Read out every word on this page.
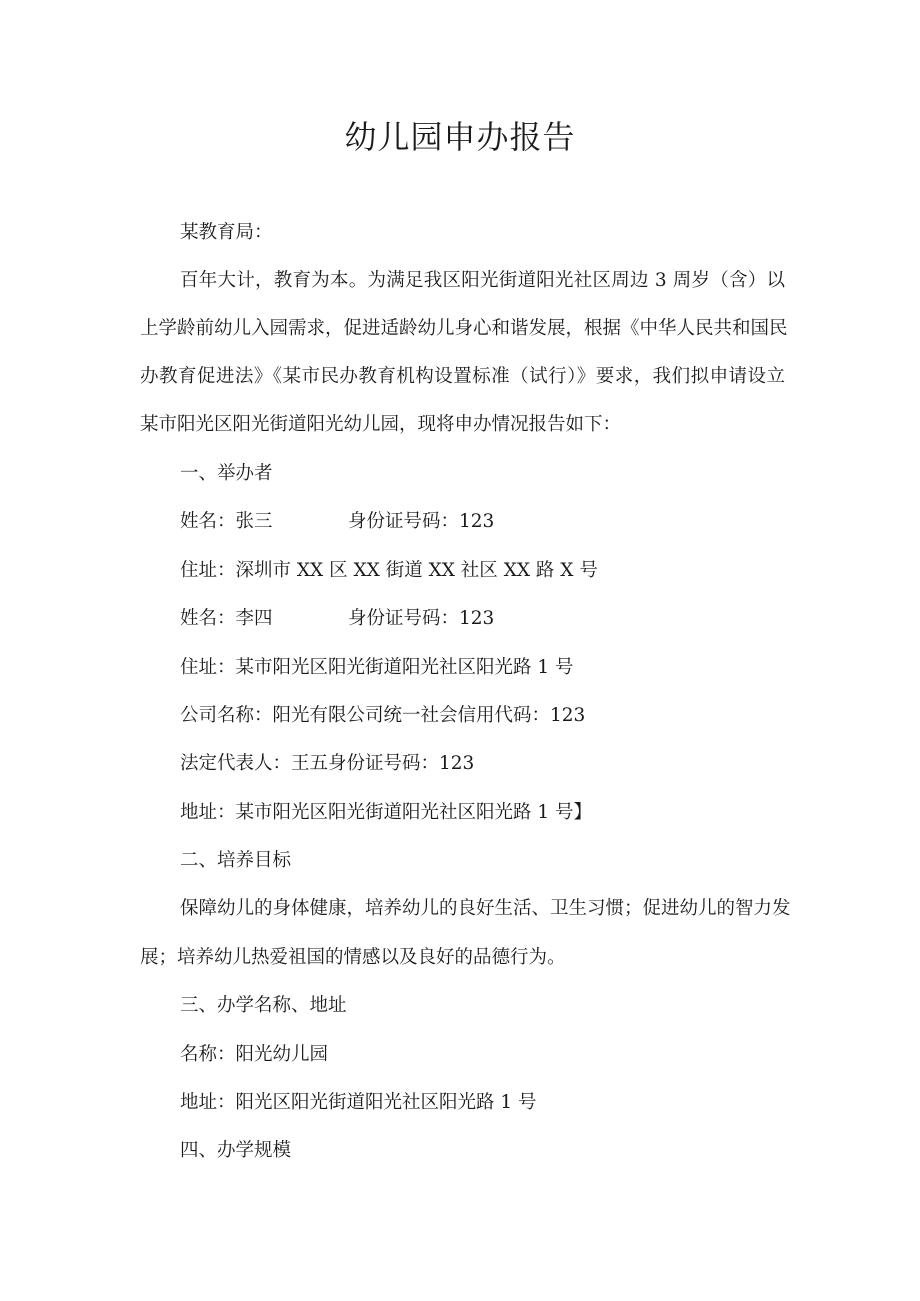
幼儿园申办报告

某教育局：

百年大计，教育为本。为满足我区阳光街道阳光社区周边 3 周岁（含）以

上学龄前幼儿入园需求，促进适龄幼儿身心和谐发展，根据《中华人民共和国民

办教育促进法》《某市民办教育机构设置标准（试行）》要求，我们拟申请设立

某市阳光区阳光街道阳光幼儿园，现将申办情况报告如下：

一、举办者

姓名：张三	身份证号码：123

住址：深圳市 XX 区 XX 街道 XX 社区 XX 路 X 号

姓名：李四	身份证号码：123

住址：某市阳光区阳光街道阳光社区阳光路 1 号

公司名称：阳光有限公司统一社会信用代码：123

法定代表人：王五身份证号码：123

地址：某市阳光区阳光街道阳光社区阳光路 1 号】

二、培养目标

保障幼儿的身体健康，培养幼儿的良好生活、卫生习惯；促进幼儿的智力发

展；培养幼儿热爱祖国的情感以及良好的品德行为。

三、办学名称、地址

名称：阳光幼儿园

地址：阳光区阳光街道阳光社区阳光路 1 号

四、办学规模
